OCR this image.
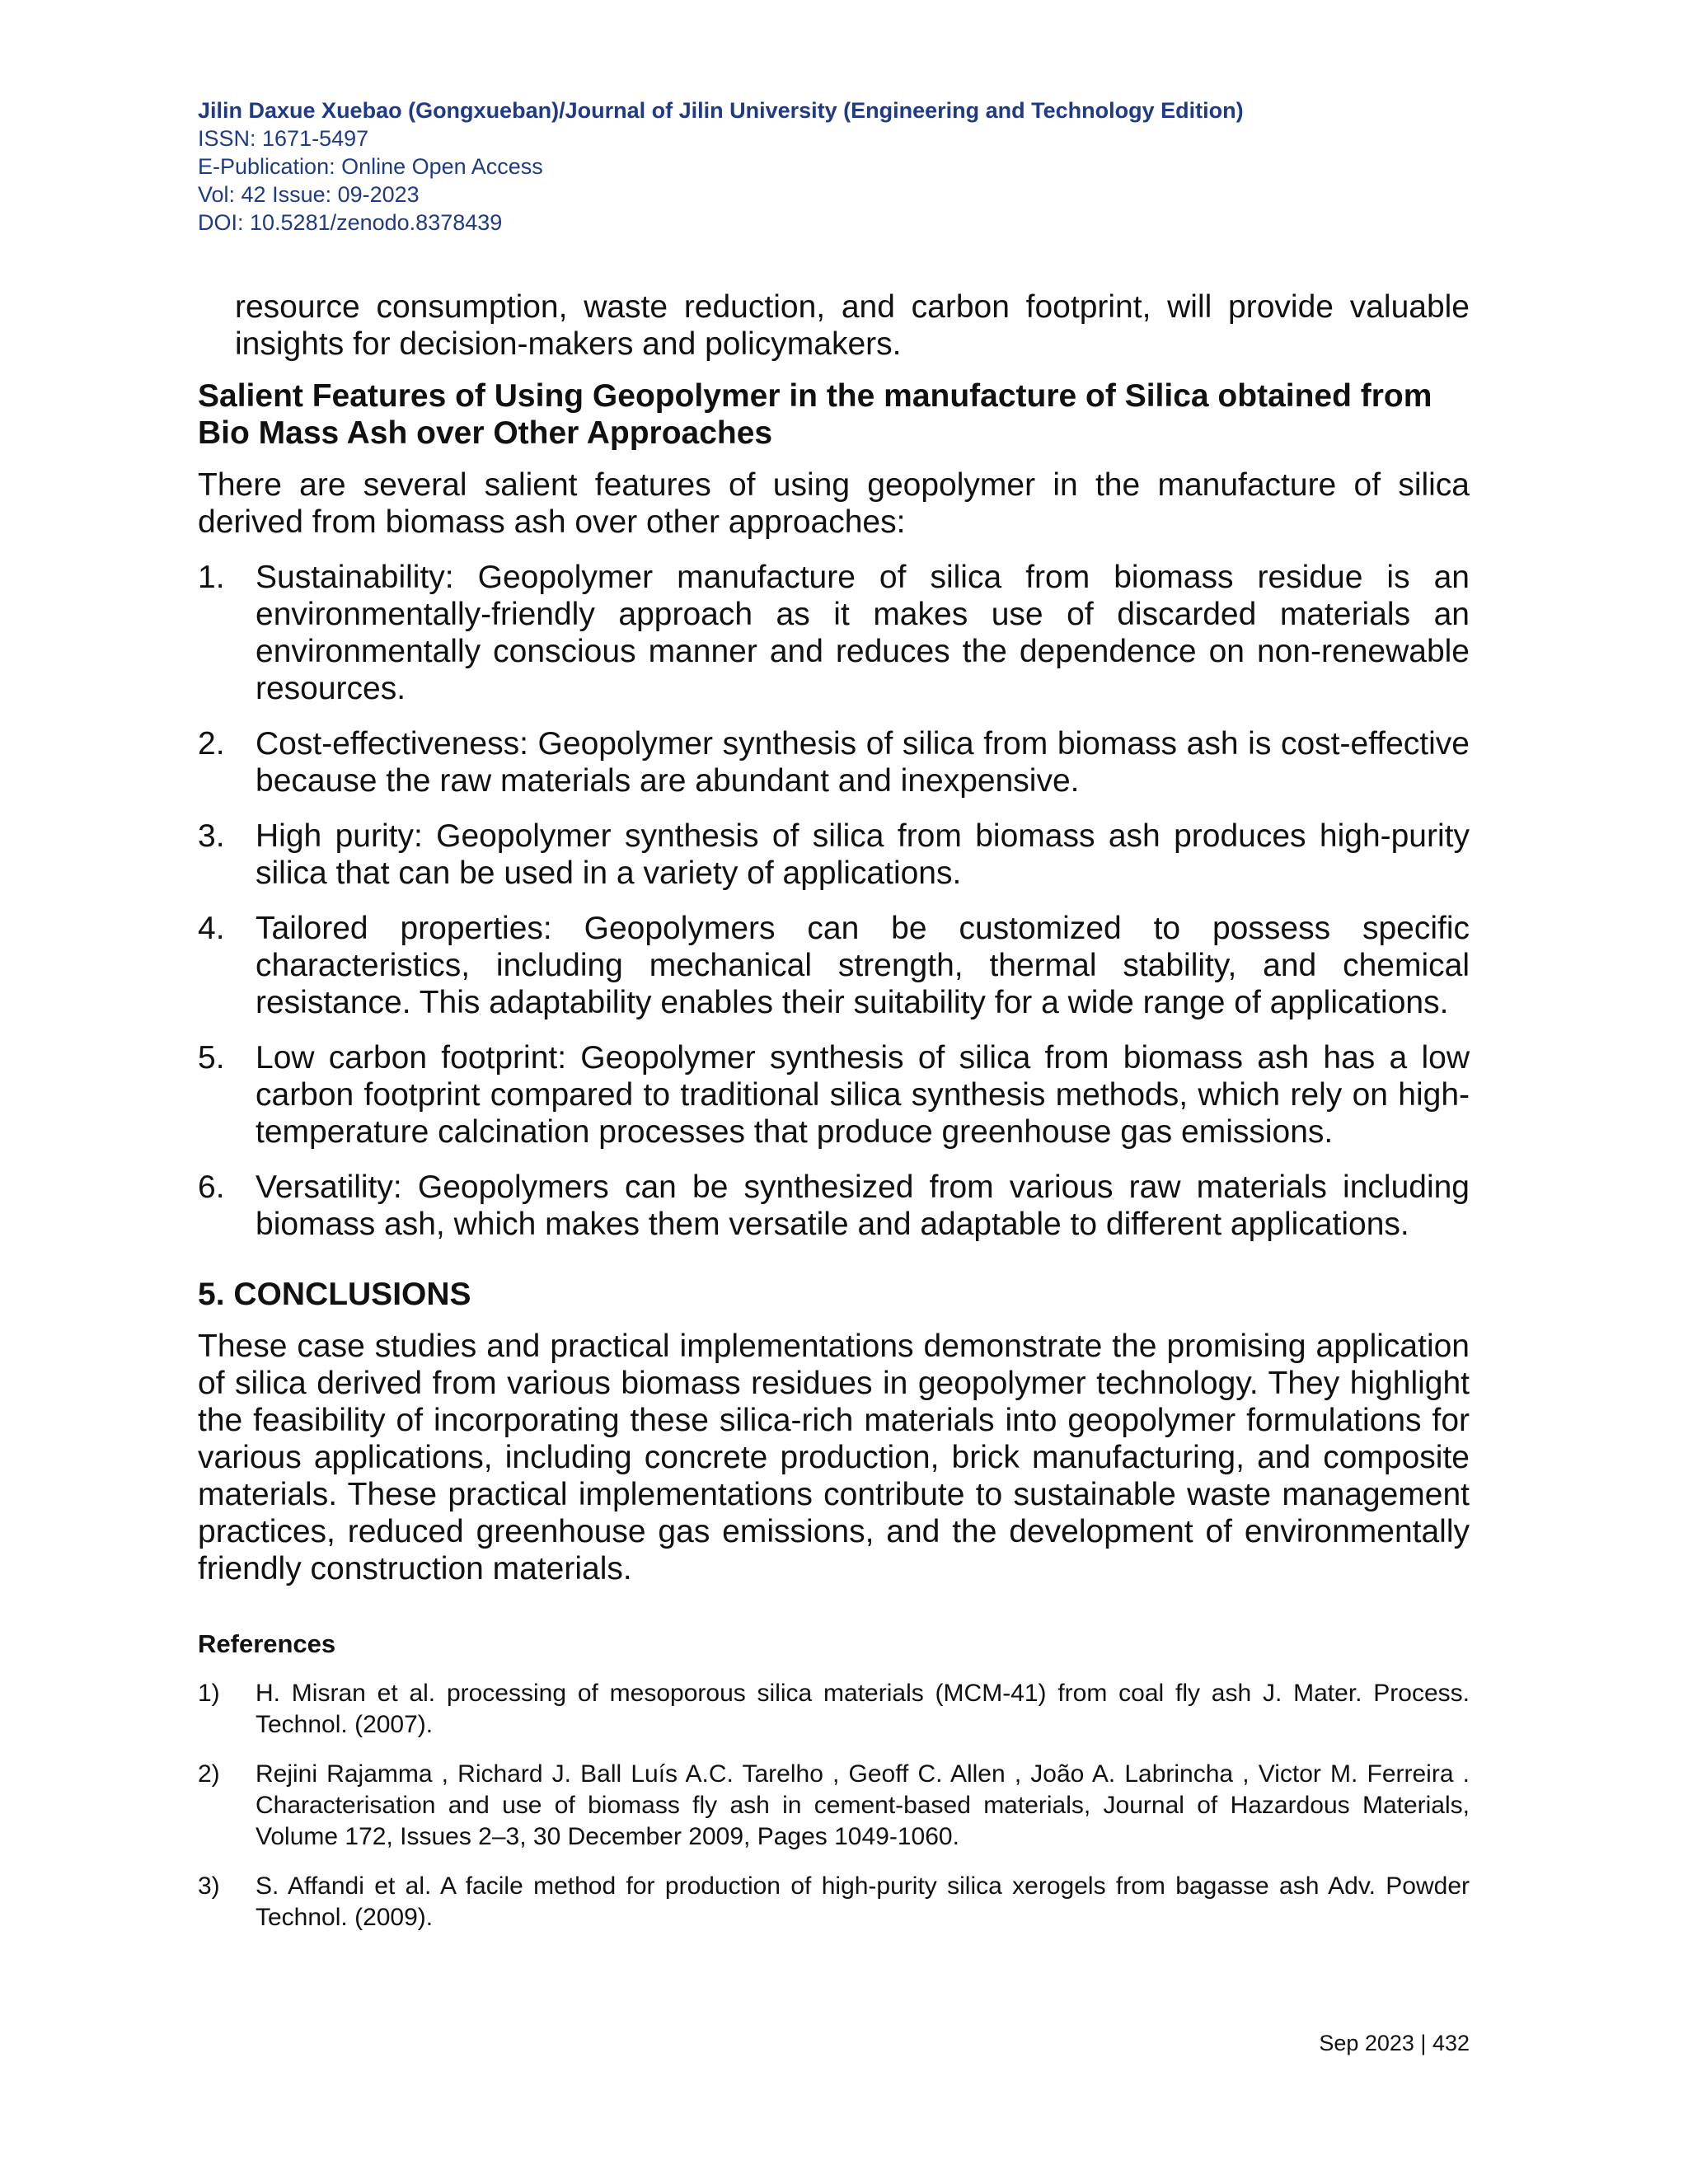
Jilin Daxue Xuebao (Gongxueban)/Journal of Jilin University (Engineering and Technology Edition)
ISSN: 1671-5497
E-Publication: Online Open Access
Vol: 42 Issue: 09-2023
DOI: 10.5281/zenodo.8378439

resource consumption, waste reduction, and carbon footprint, will provide valuable insights for decision-makers and policymakers.

Salient Features of Using Geopolymer in the manufacture of Silica obtained from Bio Mass Ash over Other Approaches

There are several salient features of using geopolymer in the manufacture of silica derived from biomass ash over other approaches:

1. Sustainability: Geopolymer manufacture of silica from biomass residue is an environmentally-friendly approach as it makes use of discarded materials an environmentally conscious manner and reduces the dependence on non-renewable resources.
2. Cost-effectiveness: Geopolymer synthesis of silica from biomass ash is cost-effective because the raw materials are abundant and inexpensive.
3. High purity: Geopolymer synthesis of silica from biomass ash produces high-purity silica that can be used in a variety of applications.
4. Tailored properties: Geopolymers can be customized to possess specific characteristics, including mechanical strength, thermal stability, and chemical resistance. This adaptability enables their suitability for a wide range of applications.
5. Low carbon footprint: Geopolymer synthesis of silica from biomass ash has a low carbon footprint compared to traditional silica synthesis methods, which rely on high-temperature calcination processes that produce greenhouse gas emissions.
6. Versatility: Geopolymers can be synthesized from various raw materials including biomass ash, which makes them versatile and adaptable to different applications.
5. CONCLUSIONS

These case studies and practical implementations demonstrate the promising application of silica derived from various biomass residues in geopolymer technology. They highlight the feasibility of incorporating these silica-rich materials into geopolymer formulations for various applications, including concrete production, brick manufacturing, and composite materials. These practical implementations contribute to sustainable waste management practices, reduced greenhouse gas emissions, and the development of environmentally friendly construction materials.

References
1)	H. Misran et al. processing of mesoporous silica materials (MCM-41) from coal fly ash J. Mater. Process. Technol. (2007).
2)	Rejini Rajamma , Richard J. Ball Luís A.C. Tarelho , Geoff C. Allen , João A. Labrincha , Victor M. Ferreira . Characterisation and use of biomass fly ash in cement-based materials, Journal of Hazardous Materials, Volume 172, Issues 2–3, 30 December 2009, Pages 1049-1060.
3)	S. Affandi et al. A facile method for production of high-purity silica xerogels from bagasse ash Adv. Powder Technol. (2009).
Sep 2023 | 432
